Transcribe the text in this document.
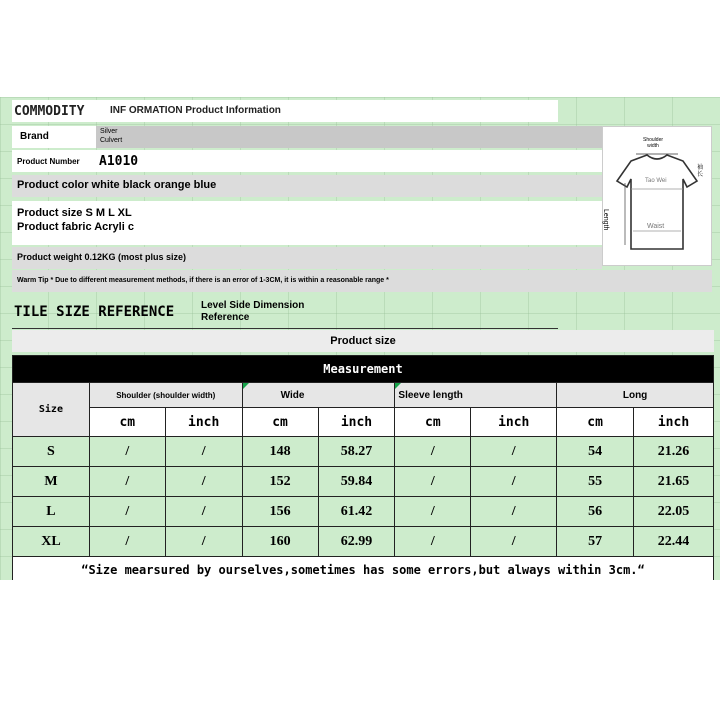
COMMODITY	INF ORMATION Product Information
Brand	Silver
Culvert
Product Number A1010
Product color white black orange blue
Product size S M L XL
Product fabric Acryli c
Product weight 0.12KG (most plus size)
Shoulder
width
袖长
Tao Wei
Length	Waist
Warm Tip * Due to different measurement methods, if there is an error of 1-3CM, it is within a reasonable range *
TILE SIZE REFERENCE	Level Side Dimension
Reference
Product size
Measurement								
Size	Shoulder (shoulder width)		Wide		Sleeve length		Long	
	cm	inch	cm	inch	cm	inch	cm	inch
S	/	/	148	58.27	/	/	54	21.26
M	/	/	152	59.84	/	/	55	21.65
L	/	/	156	61.42	/	/	56	22.05
XL	/	/	160	62.99	/	/	57	22.44
“Size mearsured by ourselves,sometimes has some errors,but always within 3cm.“								
